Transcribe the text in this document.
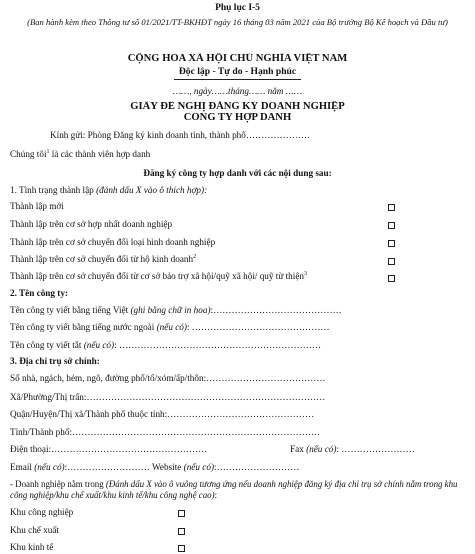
Phụ lục I-5
(Ban hành kèm theo Thông tư số 01/2021/TT-BKHĐT ngày 16 tháng 03 năm 2021 của Bộ trưởng Bộ Kế hoạch và Đầu tư)
CỘNG HÒA XÃ HỘI CHỦ NGHĨA VIỆT NAM
Độc lập - Tự do - Hạnh phúc
……, ngày……tháng…… năm ……
GIẤY ĐỀ NGHỊ ĐĂNG KÝ DOANH NGHIỆP
CÔNG TY HỢP DANH
Kính gửi: Phòng Đăng ký kinh doanh tỉnh, thành phố…………………
Chúng tôi$^1$ là các thành viên hợp danh
Đăng ký công ty hợp danh với các nội dung sau:
1. Tình trạng thành lập (đánh dấu X vào ô thích hợp):
Thành lập mới
Thành lập trên cơ sở hợp nhất doanh nghiệp
Thành lập trên cơ sở chuyển đổi loại hình doanh nghiệp
Thành lập trên cơ sở chuyển đổi từ hộ kinh doanh$^2$
Thành lập trên cơ sở chuyển đổi từ cơ sở bảo trợ xã hội/quỹ xã hội/ quỹ từ thiện$^3$
2. Tên công ty:
Tên công ty viết bằng tiếng Việt (ghi bằng chữ in hoa):……………………………………
Tên công ty viết bằng tiếng nước ngoài (nếu có): ………………………………………
Tên công ty viết tắt (nếu có): …………………………………………………………
3. Địa chỉ trụ sở chính:
Số nhà, ngách, hẻm, ngõ, đường phố/tổ/xóm/ấp/thôn:…………………………………
Xã/Phường/Thị trấn:……………………………………………………………………
Quận/Huyện/Thị xã/Thành phố thuộc tỉnh:…………………………………………
Tỉnh/Thành phố:………………………………………………………………………
Điện thoại:……………………………………………	Fax (nếu có): ……………………
Email (nếu có):……………………… Website (nếu có):………………………
- Doanh nghiệp nằm trong (Đánh dấu X vào ô vuông tương ứng nếu doanh nghiệp đăng ký địa chỉ trụ sở chính nằm trong khu công nghiệp/khu chế xuất/khu kinh tế/khu công nghệ cao):
Khu công nghiệp
Khu chế xuất
Khu kinh tế
